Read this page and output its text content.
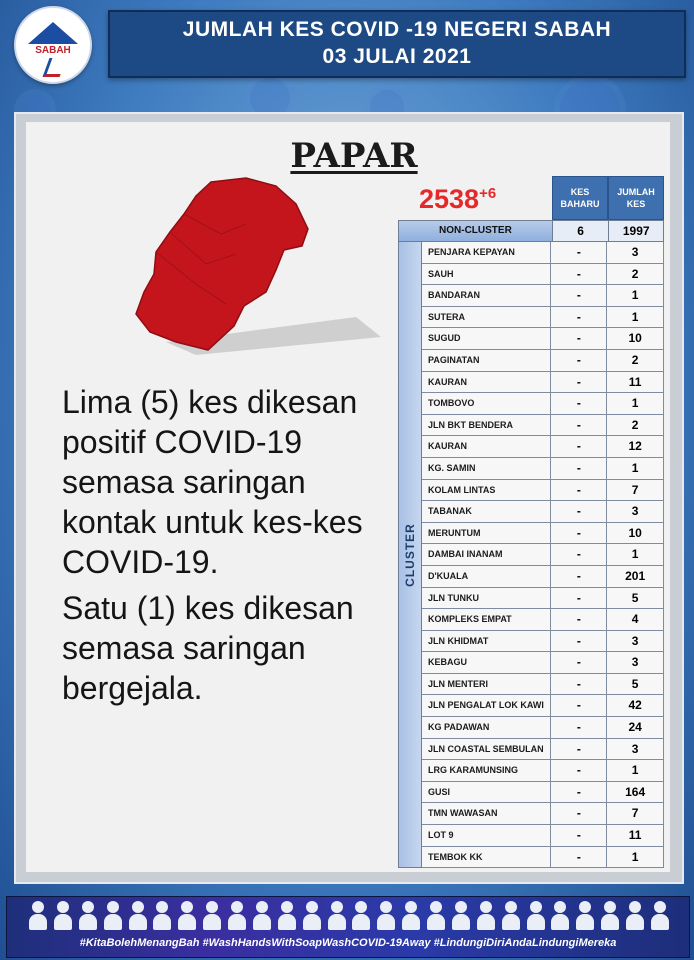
SABAH
JUMLAH KES COVID -19 NEGERI SABAH
03 JULAI 2021
PAPAR
$2538^{+6}$

Lima (5) kes dikesan positif COVID-19 semasa saringan kontak untuk kes-kes COVID-19.

Satu (1) kes dikesan semasa saringan bergejala.

KES BAHARU
JUMLAH KES
NON-CLUSTER	6	1997
CLUSTER
PENJARA KEPAYAN	-	3
SAUH	-	2
BANDARAN	-	1
SUTERA	-	1
SUGUD	-	10
PAGINATAN	-	2
KAURAN	-	11
TOMBOVO	-	1
JLN BKT BENDERA	-	2
KAURAN	-	12
KG. SAMIN	-	1
KOLAM LINTAS	-	7
TABANAK	-	3
MERUNTUM	-	10
DAMBAI INANAM	-	1
D'KUALA	-	201
JLN TUNKU	-	5
KOMPLEKS EMPAT	-	4
JLN KHIDMAT	-	3
KEBAGU	-	3
JLN MENTERI	-	5
JLN PENGALAT LOK KAWI	-	42
KG PADAWAN	-	24
JLN COASTAL SEMBULAN	-	3
LRG KARAMUNSING	-	1
GUSI	-	164
TMN WAWASAN	-	7
LOT 9	-	11
TEMBOK KK	-	1
#KitaBolehMenangBah #WashHandsWithSoapWashCOVID-19Away #LindungiDiriAndaLindungiMereka
